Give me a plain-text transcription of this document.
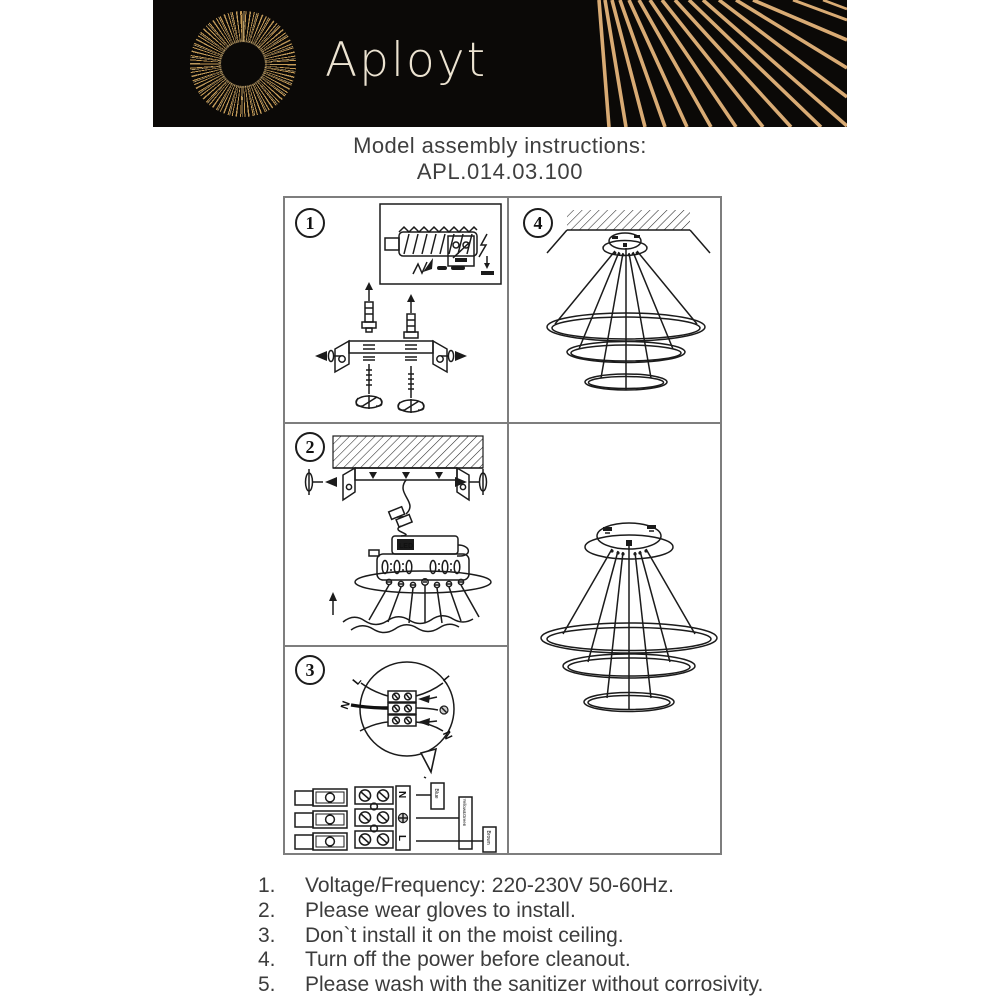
Aployt
Model assembly instructions:
APL.014.03.100
1
2
LED
3
L	L
N
N
N
L
Blue
Yellow&Green
Brown
4
1.	Voltage/Frequency: 220-230V 50-60Hz.
2.	Please wear gloves to install.
3.	Don`t install it on the moist ceiling.
4.	Turn off the power before cleanout.
5.	Please wash with the sanitizer without corrosivity.
